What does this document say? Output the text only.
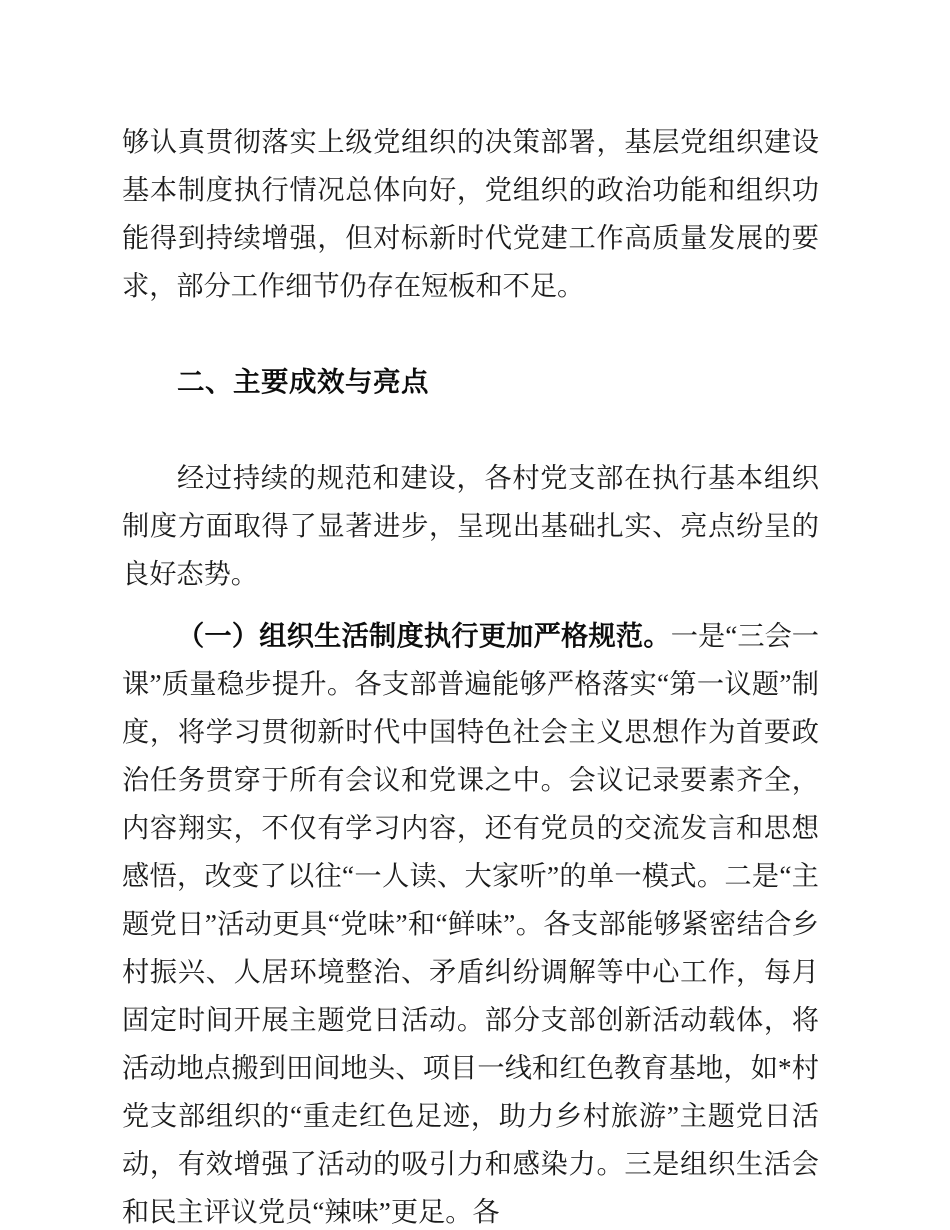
够认真贯彻落实上级党组织的决策部署，基层党组织建设基本制度执行情况总体向好，党组织的政治功能和组织功能得到持续增强，但对标新时代党建工作高质量发展的要求，部分工作细节仍存在短板和不足。

二、主要成效与亮点

经过持续的规范和建设，各村党支部在执行基本组织制度方面取得了显著进步，呈现出基础扎实、亮点纷呈的良好态势。

（一）组织生活制度执行更加严格规范。一是“三会一课”质量稳步提升。各支部普遍能够严格落实“第一议题”制度，将学习贯彻新时代中国特色社会主义思想作为首要政治任务贯穿于所有会议和党课之中。会议记录要素齐全，内容翔实，不仅有学习内容，还有党员的交流发言和思想感悟，改变了以往“一人读、大家听”的单一模式。二是“主题党日”活动更具“党味”和“鲜味”。各支部能够紧密结合乡村振兴、人居环境整治、矛盾纠纷调解等中心工作，每月固定时间开展主题党日活动。部分支部创新活动载体，将活动地点搬到田间地头、项目一线和红色教育基地，如*村党支部组织的“重走红色足迹，助力乡村旅游”主题党日活动，有效增强了活动的吸引力和感染力。三是组织生活会和民主评议党员“辣味”更足。各
